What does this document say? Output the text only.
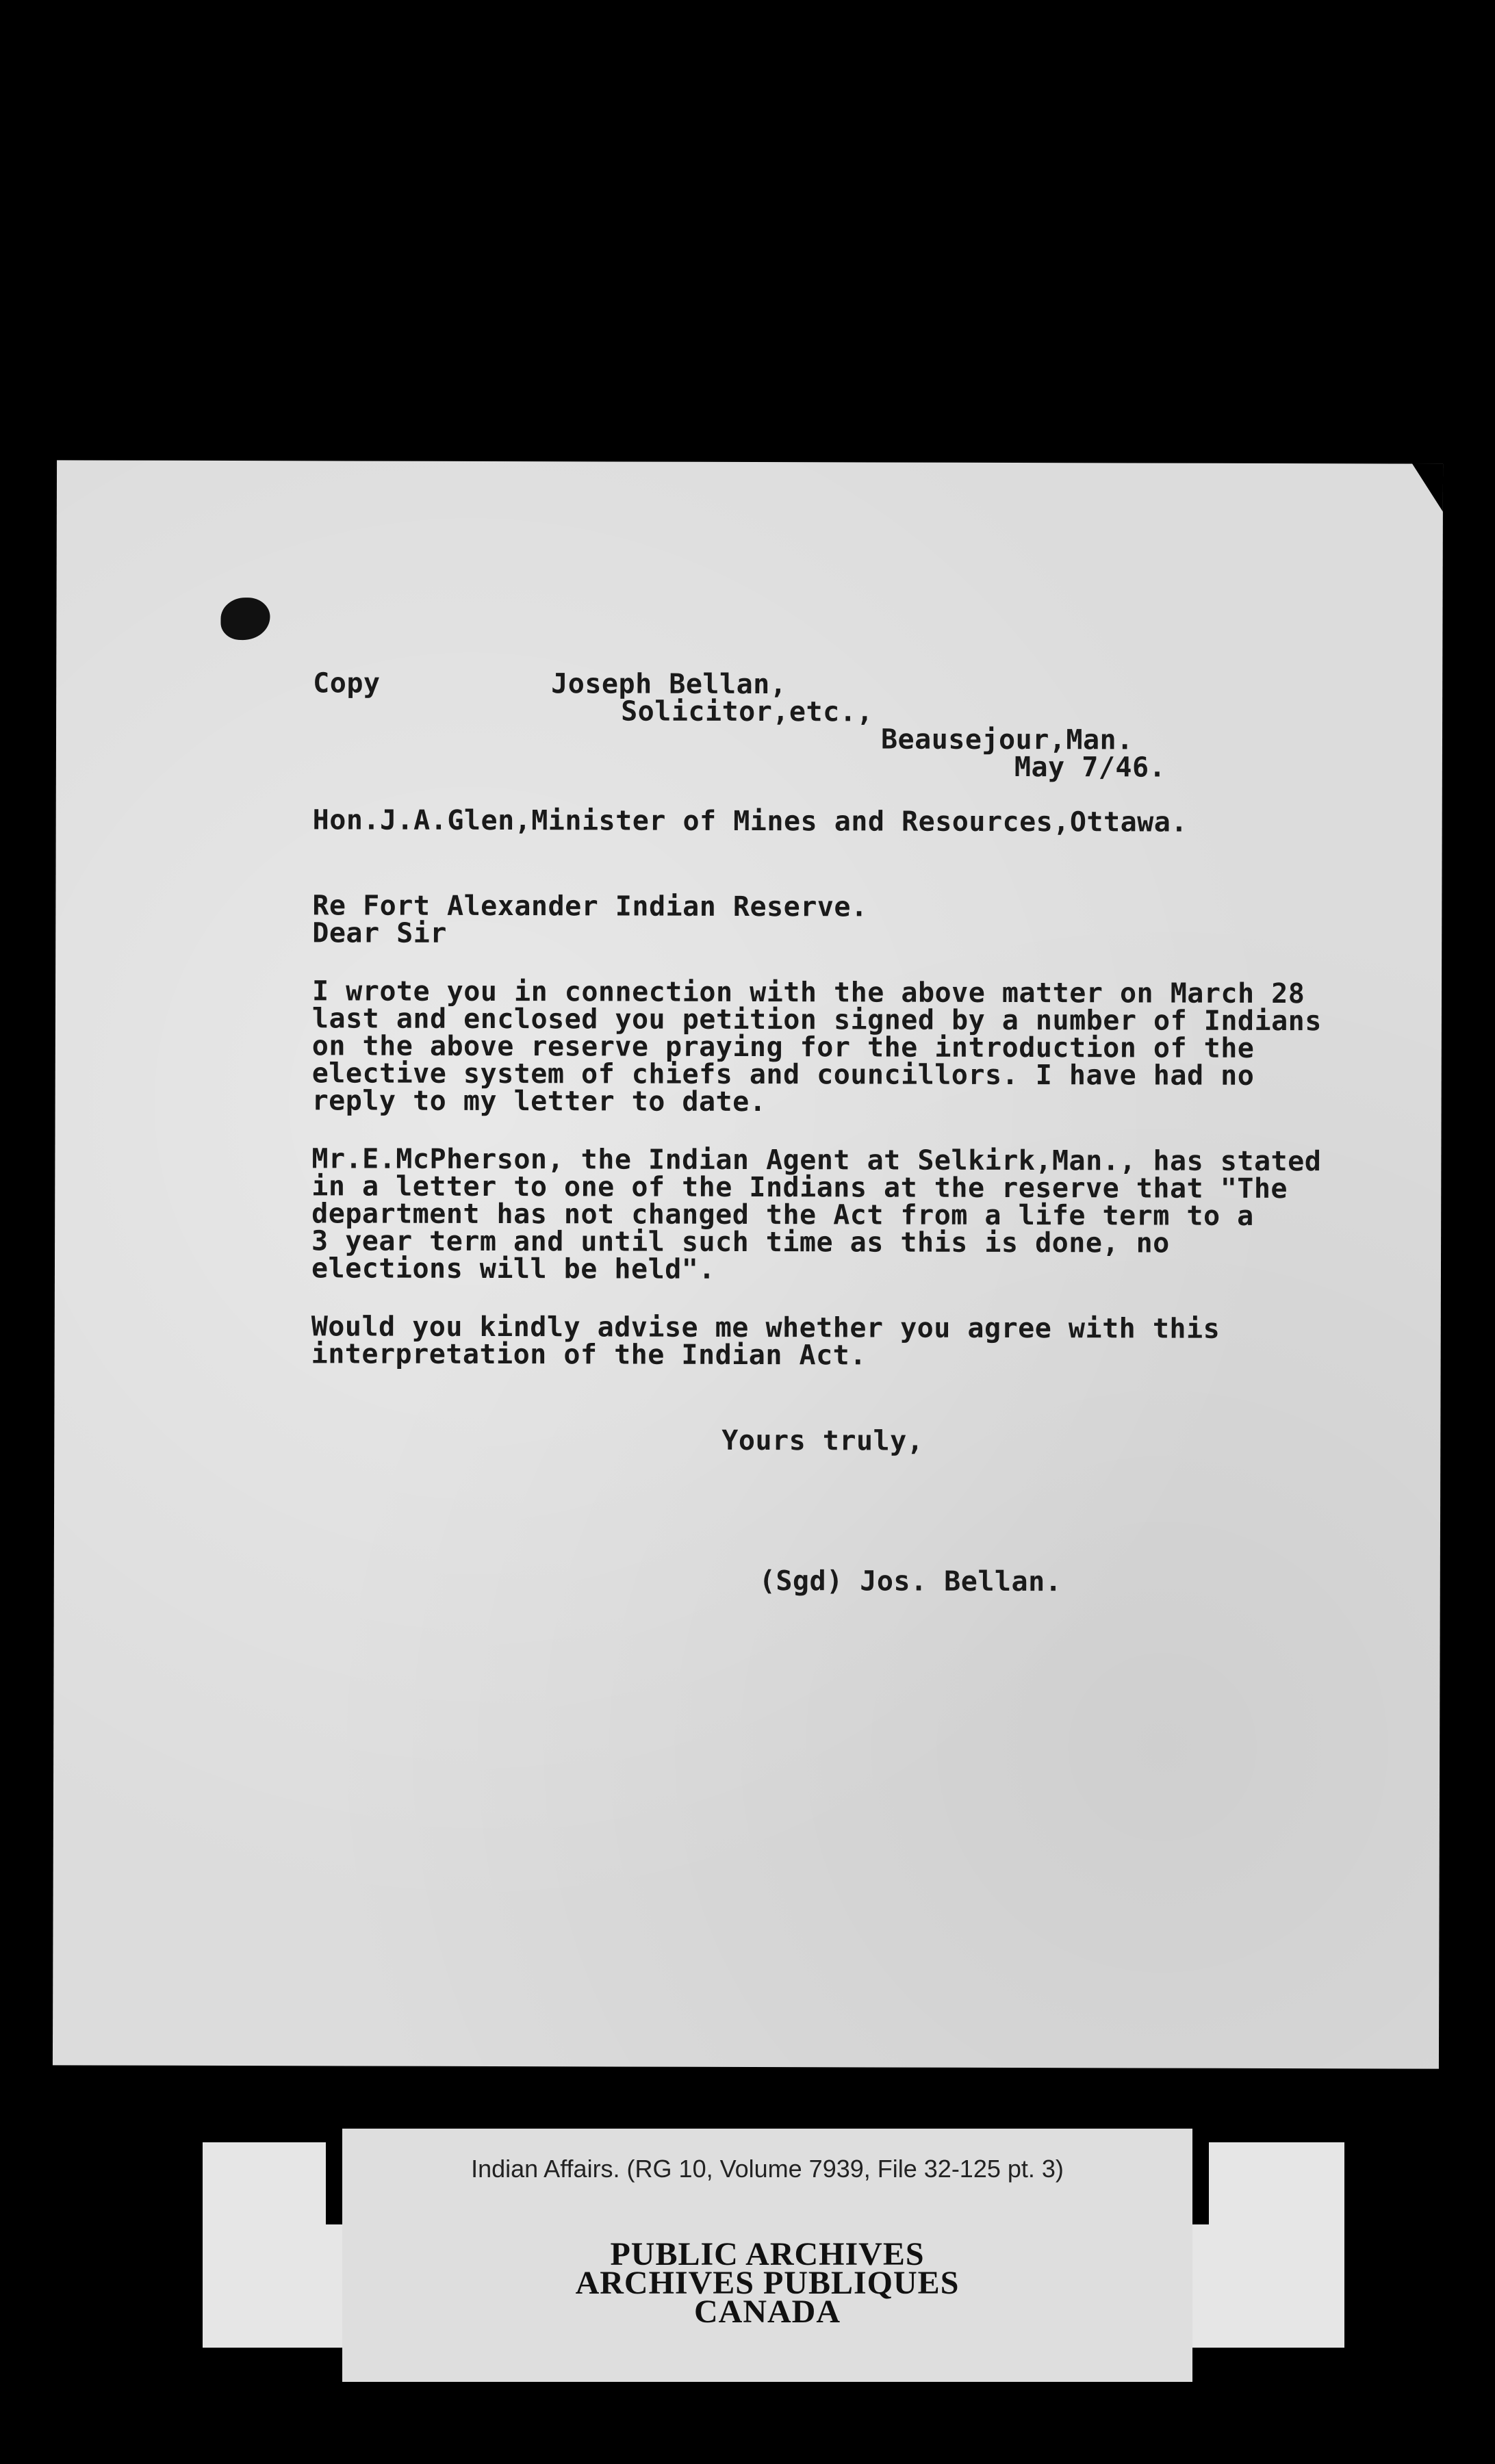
Copy	Joseph Bellan,
Solicitor,etc.,
Beausejour,Man.
May 7/46.
Hon.J.A.Glen,Minister of Mines and Resources,Ottawa.
Re Fort Alexander Indian Reserve.
Dear Sir
I wrote you in connection with the above matter on March 28
last and enclosed you petition signed by a number of Indians
on the above reserve praying for the introduction of the
elective system of chiefs and councillors. I have had no
reply to my letter to date.
Mr.E.McPherson, the Indian Agent at Selkirk,Man., has stated
in a letter to one of the Indians at the reserve that "The
department has not changed the Act from a life term to a
3 year term and until such time as this is done, no
elections will be held".
Would you kindly advise me whether you agree with this
interpretation of the Indian Act.
Yours truly,
(Sgd) Jos. Bellan.
Indian Affairs. (RG 10, Volume 7939, File 32-125 pt. 3)
PUBLIC ARCHIVES
ARCHIVES PUBLIQUES
CANADA
